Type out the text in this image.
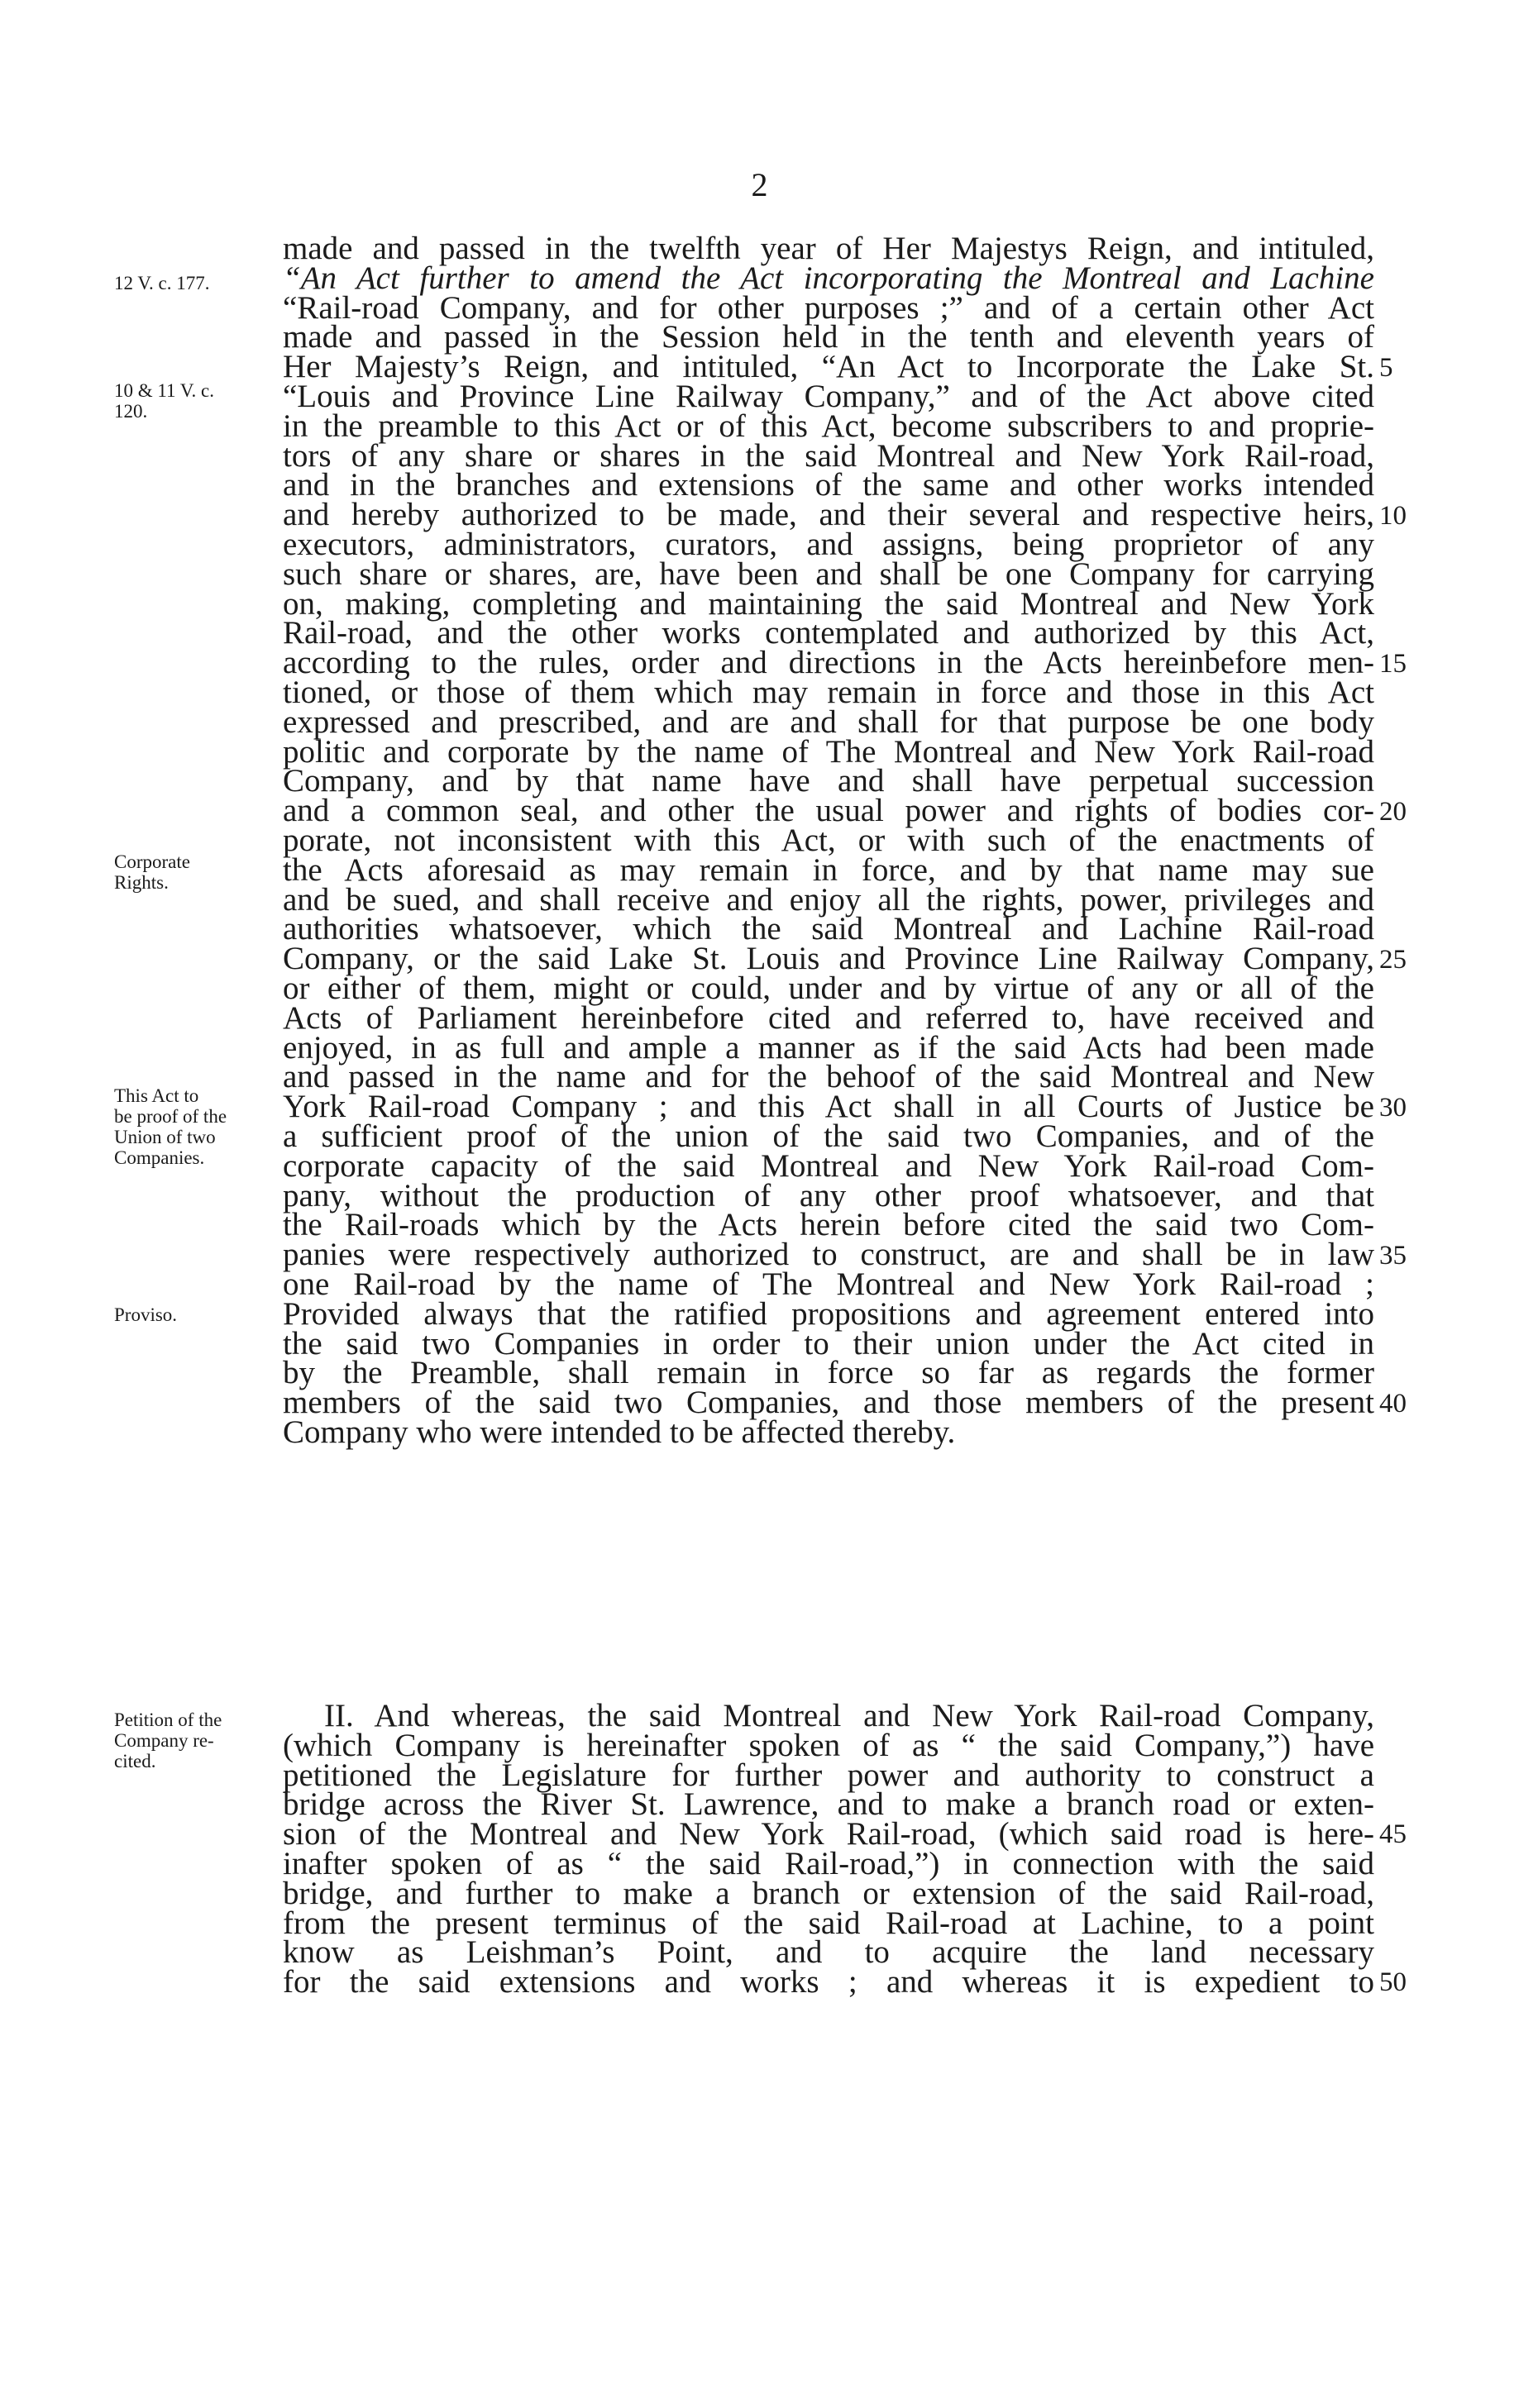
2
made and passed in the twelfth year of Her Majestys Reign, and intituled,
“An Act further to amend the Act incorporating the Montreal and Lachine
“Rail-road Company, and for other purposes ;” and of a certain other Act
made and passed in the Session held in the tenth and eleventh years of
Her Majesty’s Reign, and intituled, “An Act to Incorporate the Lake St.
“Louis and Province Line Railway Company,” and of the Act above cited
in the preamble to this Act or of this Act, become subscribers to and proprie-
tors of any share or shares in the said Montreal and New York Rail-road,
and in the branches and extensions of the same and other works intended
and hereby authorized to be made, and their several and respective heirs,
executors, administrators, curators, and assigns, being proprietor of any
such share or shares, are, have been and shall be one Company for carrying
on, making, completing and maintaining the said Montreal and New York
Rail-road, and the other works contemplated and authorized by this Act,
according to the rules, order and directions in the Acts hereinbefore men-
tioned, or those of them which may remain in force and those in this Act
expressed and prescribed, and are and shall for that purpose be one body
politic and corporate by the name of The Montreal and New York Rail-road
Company, and by that name have and shall have perpetual succession
and a common seal, and other the usual power and rights of bodies cor-
porate, not inconsistent with this Act, or with such of the enactments of
the Acts aforesaid as may remain in force, and by that name may sue
and be sued, and shall receive and enjoy all the rights, power, privileges and
authorities whatsoever, which the said Montreal and Lachine Rail-road
Company, or the said Lake St. Louis and Province Line Railway Company,
or either of them, might or could, under and by virtue of any or all of the
Acts of Parliament hereinbefore cited and referred to, have received and
enjoyed, in as full and ample a manner as if the said Acts had been made
and passed in the name and for the behoof of the said Montreal and New
York Rail-road Company ; and this Act shall in all Courts of Justice be
a sufficient proof of the union of the said two Companies, and of the
corporate capacity of the said Montreal and New York Rail-road Com-
pany, without the production of any other proof whatsoever, and that
the Rail-roads which by the Acts herein before cited the said two Com-
panies were respectively authorized to construct, are and shall be in law
one Rail-road by the name of The Montreal and New York Rail-road ;
Provided always that the ratified propositions and agreement entered into
the said two Companies in order to their union under the Act cited in
by the Preamble, shall remain in force so far as regards the former
members of the said two Companies, and those members of the present
Company who were intended to be affected thereby.
II. And whereas, the said Montreal and New York Rail-road Company,
(which Company is hereinafter spoken of as “ the said Company,”) have
petitioned the Legislature for further power and authority to construct a
bridge across the River St. Lawrence, and to make a branch road or exten-
sion of the Montreal and New York Rail-road, (which said road is here-
inafter spoken of as “ the said Rail-road,”) in connection with the said
bridge, and further to make a branch or extension of the said Rail-road,
from the present terminus of the said Rail-road at Lachine, to a point
know as Leishman’s Point, and to acquire the land necessary
for the said extensions and works ; and whereas it is expedient to
12 V. c. 177.
10 & 11 V. c.
120.
Corporate
Rights.
This Act to
be proof of the
Union of two
Companies.
Proviso.
Petition of the
Company re-
cited.
5
10
15
20
25
30
35
40
45
50
